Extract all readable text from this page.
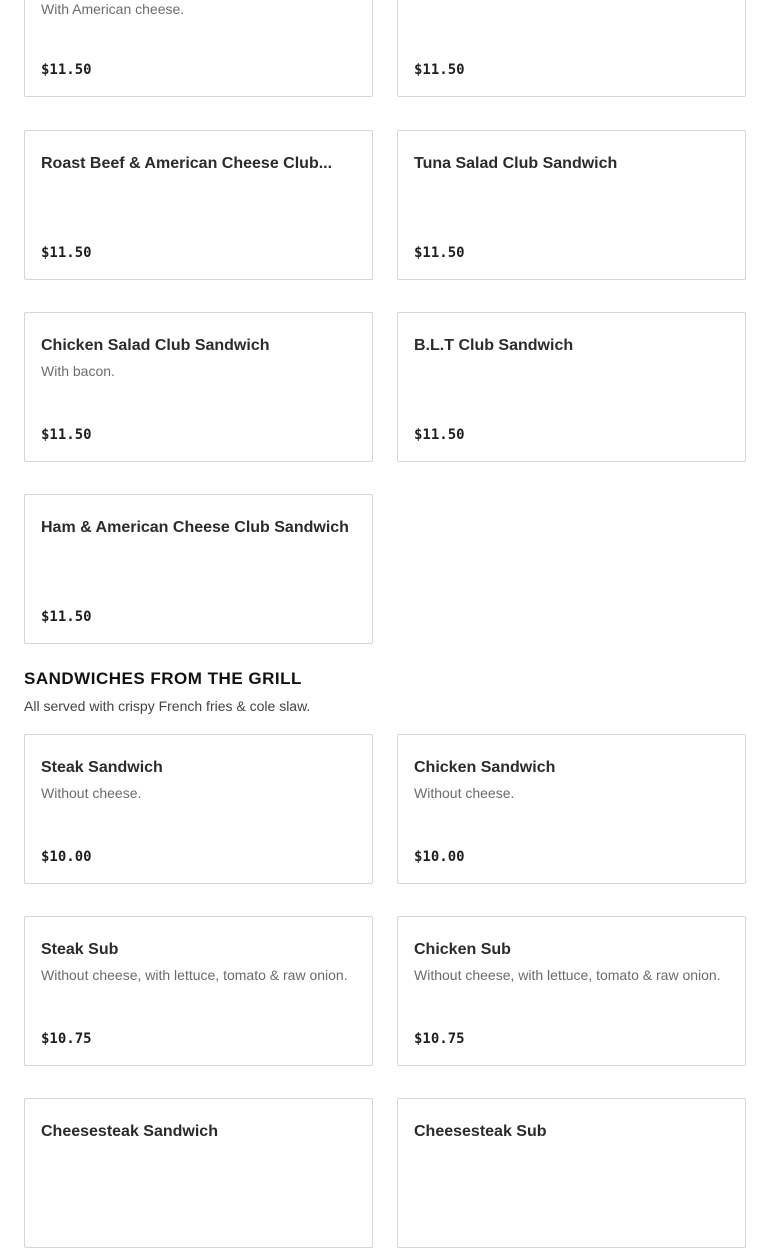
With American cheese.
$11.50	$11.50
Roast Beef & American Cheese Club...
$11.50
Tuna Salad Club Sandwich
$11.50
Chicken Salad Club Sandwich
With bacon.
$11.50
B.L.T Club Sandwich
$11.50
Ham & American Cheese Club Sandwich
$11.50
SANDWICHES FROM THE GRILL
All served with crispy French fries & cole slaw.
Steak Sandwich
Without cheese.
$10.00
Chicken Sandwich
Without cheese.
$10.00
Steak Sub
Without cheese, with lettuce, tomato & raw onion.
$10.75
Chicken Sub
Without cheese, with lettuce, tomato & raw onion.
$10.75
Cheesesteak Sandwich	Cheesesteak Sub
